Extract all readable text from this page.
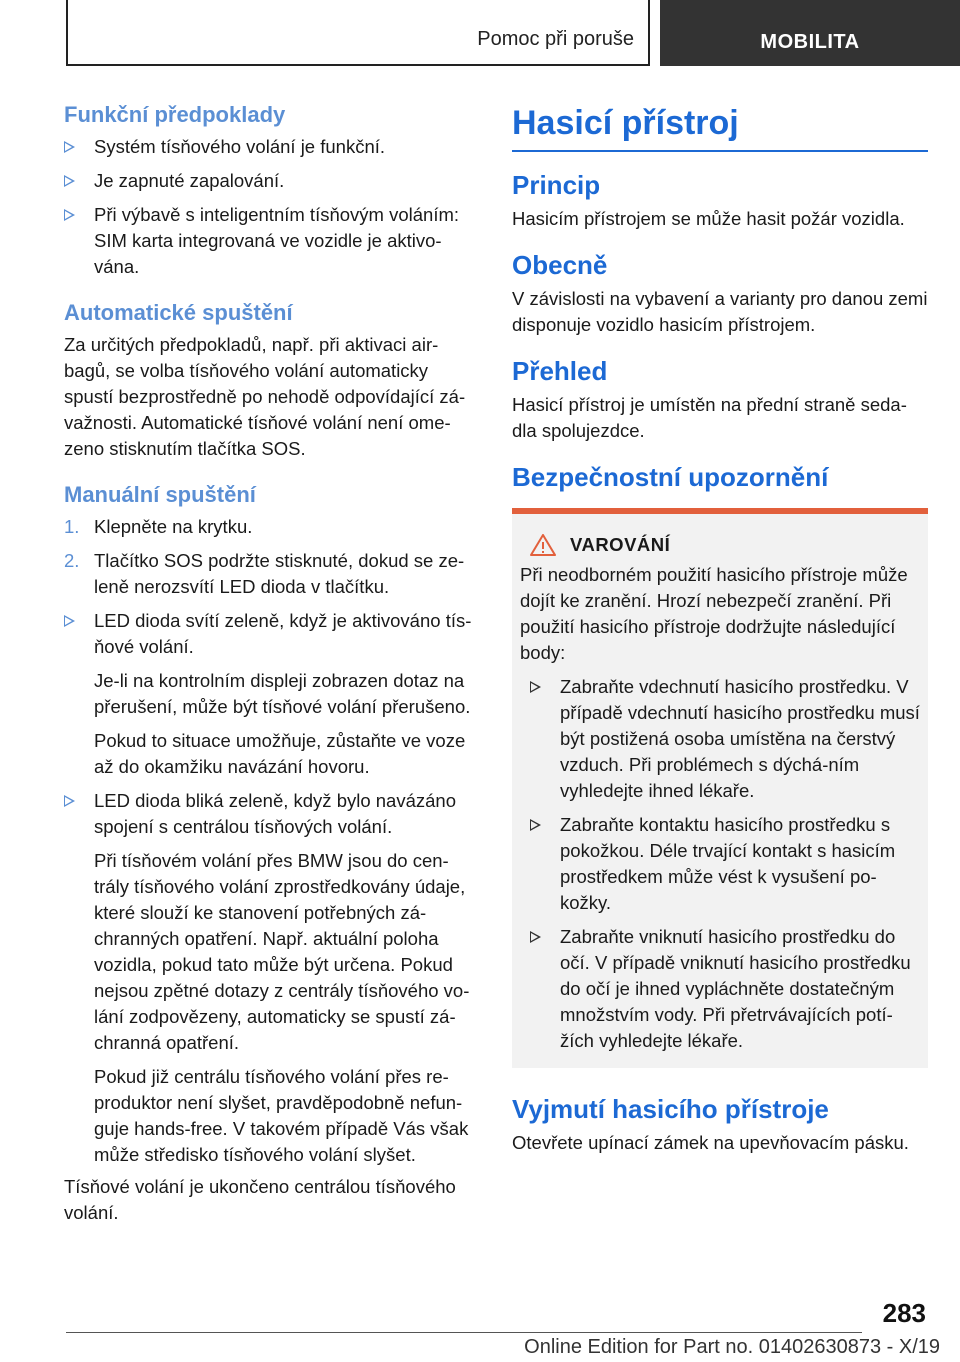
Pomoc při poruše	MOBILITA
Funkční předpoklady
Systém tísňového volání je funkční.
Je zapnuté zapalování.
Při výbavě s inteligentním tísňovým voláním: SIM karta integrovaná ve vozidle je aktivo-vána.
Automatické spuštění
Za určitých předpokladů, např. při aktivaci air-bagů, se volba tísňového volání automaticky spustí bezprostředně po nehodě odpovídající zá-važnosti. Automatické tísňové volání není ome-zeno stisknutím tlačítka SOS.
Manuální spuštění
1. Klepněte na krytku.
2. Tlačítko SOS podržte stisknuté, dokud se ze-leně nerozsvítí LED dioda v tlačítku.
LED dioda svítí zeleně, když je aktivováno tís-ňové volání.
Je-li na kontrolním displeji zobrazen dotaz na přerušení, může být tísňové volání přerušeno.
Pokud to situace umožňuje, zůstaňte ve voze až do okamžiku navázání hovoru.
LED dioda bliká zeleně, když bylo navázáno spojení s centrálou tísňových volání.
Při tísňovém volání přes BMW jsou do cen-trály tísňového volání zprostředkovány údaje, které slouží ke stanovení potřebných zá-chranných opatření. Např. aktuální poloha vozidla, pokud tato může být určena. Pokud nejsou zpětné dotazy z centrály tísňového vo-lání zodpovězeny, automaticky se spustí zá-chranná opatření.
Pokud již centrálu tísňového volání přes re-produktor není slyšet, pravděpodobně nefun-guje hands-free. V takovém případě Vás však může středisko tísňového volání slyšet.
Tísňové volání je ukončeno centrálou tísňového volání.
Hasicí přístroj
Princip
Hasicím přístrojem se může hasit požár vozidla.
Obecně
V závislosti na vybavení a varianty pro danou zemi disponuje vozidlo hasicím přístrojem.
Přehled
Hasicí přístroj je umístěn na přední straně seda-dla spolujezdce.
Bezpečnostní upozornění
VAROVÁNÍ
Při neodborném použití hasicího přístroje může dojít ke zranění. Hrozí nebezpečí zranění. Při použití hasicího přístroje dodržujte následující body:
Zabraňte vdechnutí hasicího prostředku. V případě vdechnutí hasicího prostředku musí být postižená osoba umístěna na čerstvý vzduch. Při problémech s dýchá-ním vyhledejte ihned lékaře.
Zabraňte kontaktu hasicího prostředku s pokožkou. Déle trvající kontakt s hasicím prostředkem může vést k vysušení po-kožky.
Zabraňte vniknutí hasicího prostředku do očí. V případě vniknutí hasicího prostředku do očí je ihned vypláchněte dostatečným množstvím vody. Při přetrvávajících potí-žích vyhledejte lékaře.
Vyjmutí hasicího přístroje
Otevřete upínací zámek na upevňovacím pásku.
283
Online Edition for Part no. 01402630873 - X/19
